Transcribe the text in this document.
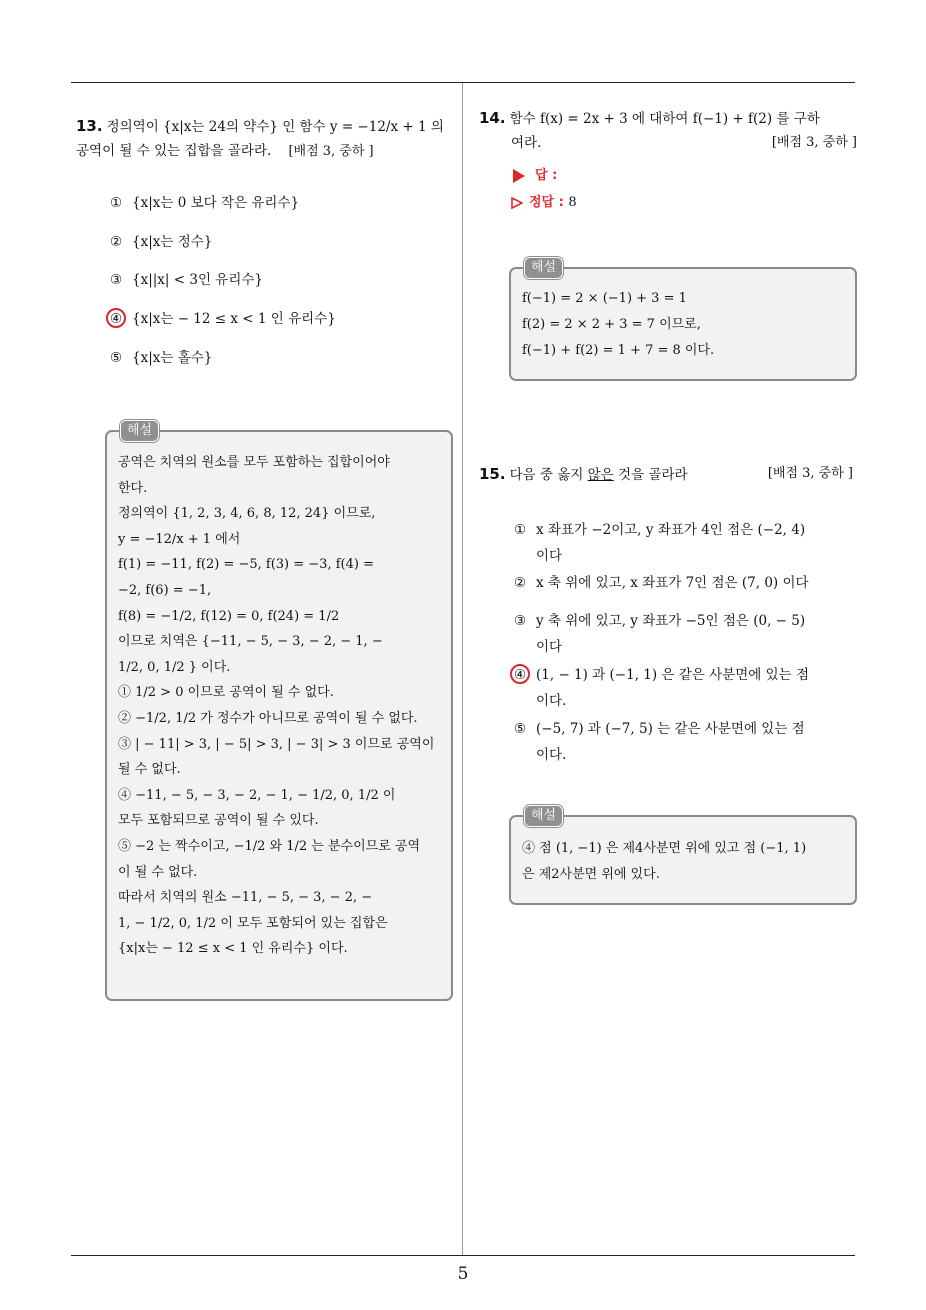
5
13. 정의역이 {x|x는 24의 약수} 인 함수 y = −12/x + 1 의
공역이 될 수 있는 집합을 골라라. [배점 3, 중하 ]
① {x|x는 0 보다 작은 유리수}
② {x|x는 정수}
③ {x||x| < 3인 유리수}
④ {x|x는 − 12 ≤ x < 1 인 유리수}
⑤ {x|x는 홀수}
해설
공역은 치역의 원소를 모두 포함하는 집합이어야
한다.
정의역이 {1, 2, 3, 4, 6, 8, 12, 24} 이므로,
y = −12/x + 1 에서
f(1) = −11, f(2) = −5, f(3) = −3, f(4) =
−2, f(6) = −1,
f(8) = −1/2, f(12) = 0, f(24) = 1/2
이므로 치역은 {−11, − 5, − 3, − 2, − 1, −
1/2, 0, 1/2 } 이다.
① 1/2 > 0 이므로 공역이 될 수 없다.
② −1/2, 1/2 가 정수가 아니므로 공역이 될 수 없다.
③ | − 11| > 3, | − 5| > 3, | − 3| > 3 이므로 공역이
될 수 없다.
④ −11, − 5, − 3, − 2, − 1, − 1/2, 0, 1/2 이
모두 포함되므로 공역이 될 수 있다.
⑤ −2 는 짝수이고, −1/2 와 1/2 는 분수이므로 공역
이 될 수 없다.
따라서 치역의 원소 −11, − 5, − 3, − 2, −
1, − 1/2, 0, 1/2 이 모두 포함되어 있는 집합은
{x|x는 − 12 ≤ x < 1 인 유리수} 이다.
14. 함수 f(x) = 2x + 3 에 대하여 f(−1) + f(2) 를 구하
여라.	[배점 3, 중하 ]
답 :
정답 : 8
해설
f(−1) = 2 × (−1) + 3 = 1
f(2) = 2 × 2 + 3 = 7 이므로,
f(−1) + f(2) = 1 + 7 = 8 이다.
15. 다음 중 옳지 않은 것을 골라라	[배점 3, 중하 ]
① x 좌표가 −2이고, y 좌표가 4인 점은 (−2, 4)
이다
② x 축 위에 있고, x 좌표가 7인 점은 (7, 0) 이다
③ y 축 위에 있고, y 좌표가 −5인 점은 (0, − 5)
이다
④ (1, − 1) 과 (−1, 1) 은 같은 사분면에 있는 점
이다.
⑤ (−5, 7) 과 (−7, 5) 는 같은 사분면에 있는 점
이다.
해설
④ 점 (1, −1) 은 제4사분면 위에 있고 점 (−1, 1)
은 제2사분면 위에 있다.
